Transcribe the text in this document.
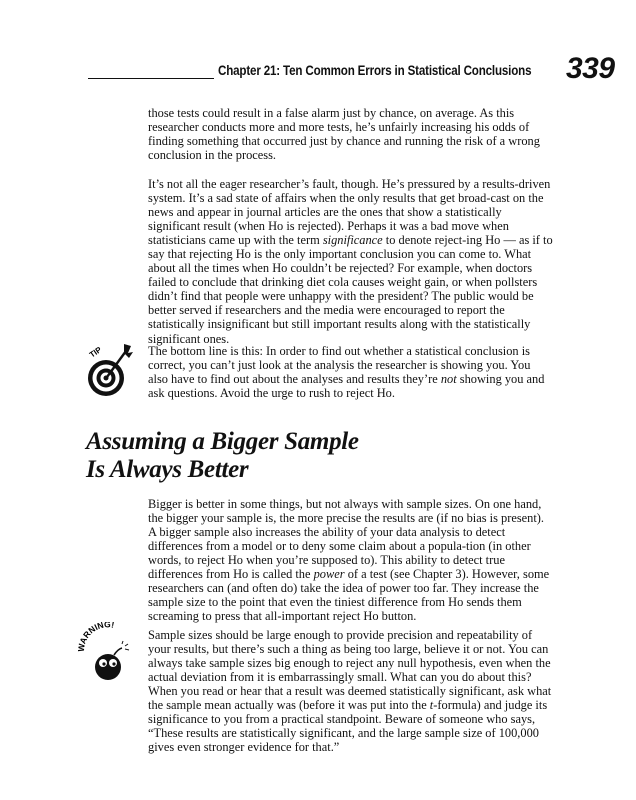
Chapter 21: Ten Common Errors in Statistical Conclusions 339

those tests could result in a false alarm just by chance, on average. As this researcher conducts more and more tests, he’s unfairly increasing his odds of finding something that occurred just by chance and running the risk of a wrong conclusion in the process.

It’s not all the eager researcher’s fault, though. He’s pressured by a results-driven system. It’s a sad state of affairs when the only results that get broad-cast on the news and appear in journal articles are the ones that show a statistically significant result (when Ho is rejected). Perhaps it was a bad move when statisticians came up with the term significance to denote reject-ing Ho — as if to say that rejecting Ho is the only important conclusion you can come to. What about all the times when Ho couldn’t be rejected? For example, when doctors failed to conclude that drinking diet cola causes weight gain, or when pollsters didn’t find that people were unhappy with the president? The public would be better served if researchers and the media were encouraged to report the statistically insignificant but still important results along with the statistically significant ones.

TIP	The bottom line is this: In order to find out whether a statistical conclusion is correct, you can’t just look at the analysis the researcher is showing you. You also have to find out about the analyses and results they’re not showing you and ask questions. Avoid the urge to rush to reject Ho.

Assuming a Bigger Sample
Is Always Better

Bigger is better in some things, but not always with sample sizes. On one hand, the bigger your sample is, the more precise the results are (if no bias is present). A bigger sample also increases the ability of your data analysis to detect differences from a model or to deny some claim about a popula-tion (in other words, to reject Ho when you’re supposed to). This ability to detect true differences from Ho is called the power of a test (see Chapter 3). However, some researchers can (and often do) take the idea of power too far. They increase the sample size to the point that even the tiniest difference from Ho sends them screaming to press that all-important reject Ho button.

WARNING!

Sample sizes should be large enough to provide precision and repeatability of your results, but there’s such a thing as being too large, believe it or not. You can always take sample sizes big enough to reject any null hypothesis, even when the actual deviation from it is embarrassingly small. What can you do about this? When you read or hear that a result was deemed statistically significant, ask what the sample mean actually was (before it was put into the t-formula) and judge its significance to you from a practical standpoint. Beware of someone who says, “These results are statistically significant, and the large sample size of 100,000 gives even stronger evidence for that.”
